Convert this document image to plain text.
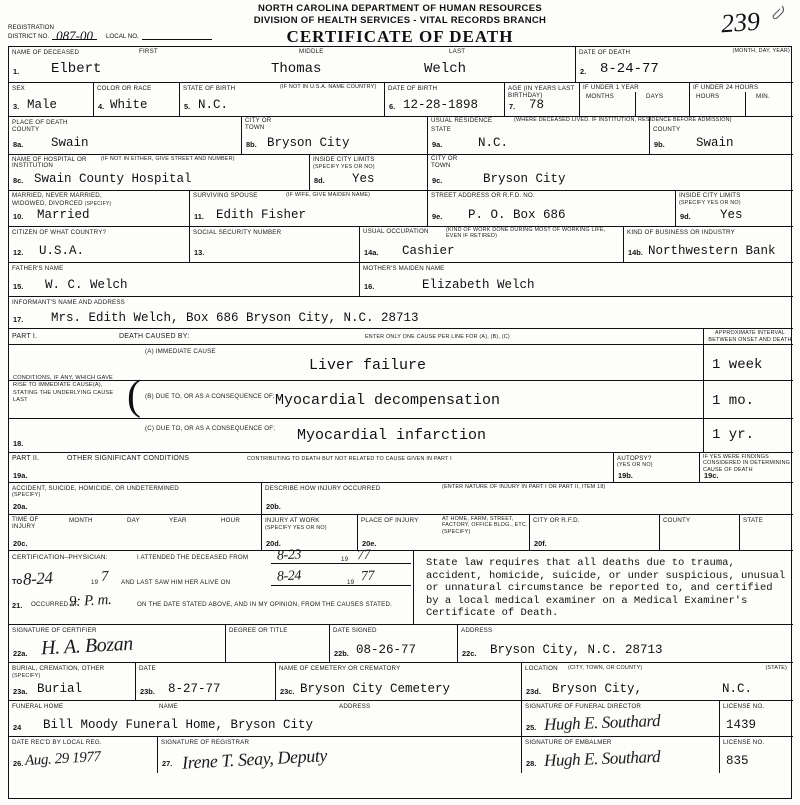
NORTH CAROLINA DEPARTMENT OF HUMAN RESOURCES
DIVISION OF HEALTH SERVICES - VITAL RECORDS BRANCH
CERTIFICATE OF DEATH
REGISTRATION
DISTRICT NO. 087-00	LOCAL NO.	239
NAME OF DECEASED	FIRST	MIDDLE	LAST
1. Elbert	Thomas	Welch
DATE OF DEATH	(MONTH, DAY, YEAR)
2. 8-24-77
SEX
3. Male
COLOR OR RACE
4. White
STATE OF BIRTH	(IF NOT IN U.S.A. NAME COUNTRY)
5. N.C.
DATE OF BIRTH
6. 12-28-1898
AGE (IN YEARS LAST BIRTHDAY)
7. 78
IF UNDER 1 YEAR
MONTHS	DAYS
IF UNDER 24 HOURS
HOURS	MIN.
PLACE OF DEATH
COUNTY
8a. Swain
CITY OR TOWN
8b. Bryson City
USUAL RESIDENCE	(WHERE DECEASED LIVED. IF INSTITUTION, RESIDENCE BEFORE ADMISSION)
STATE
9a.	N.C.
COUNTY
9b.	Swain
NAME OF HOSPITAL OR INSTITUTION
(IF NOT IN EITHER, GIVE STREET AND NUMBER)
8c. Swain County Hospital
INSIDE CITY LIMITS
(SPECIFY YES OR NO)
8d. Yes
CITY OR TOWN
9c.	Bryson City
MARRIED, NEVER MARRIED,
WIDOWED, DIVORCED (SPECIFY)
10. Married
SURVIVING SPOUSE	(IF WIFE, GIVE MAIDEN NAME)
11. Edith Fisher
STREET ADDRESS OR R.F.D. NO.
9e. P. O. Box 686
INSIDE CITY LIMITS
(SPECIFY YES OR NO)
9d. Yes
CITIZEN OF WHAT COUNTRY?
12. U.S.A.
SOCIAL SECURITY NUMBER
13.
USUAL OCCUPATION	(KIND OF WORK DONE DURING MOST OF WORKING LIFE, EVEN IF RETIRED)
14a. Cashier
KIND OF BUSINESS OR INDUSTRY
14b. Northwestern Bank
FATHER'S NAME
15. W. C. Welch
MOTHER'S MAIDEN NAME
16.	Elizabeth Welch
INFORMANT'S NAME AND ADDRESS
17. Mrs. Edith Welch, Box 686 Bryson City, N.C. 28713
PART I.	DEATH CAUSED BY:	ENTER ONLY ONE CAUSE PER LINE FOR (A), (B), (C)
APPROXIMATE INTERVAL BETWEEN ONSET AND DEATH
(A) IMMEDIATE CAUSE
Liver failure	1 week
(B) DUE TO, OR AS A CONSEQUENCE OF; Myocardial decompensation
(
CONDITIONS, IF ANY, WHICH GAVE RISE TO IMMEDIATE CAUSE(A), STATING THE UNDERLYING CAUSE LAST	1 mo.
18.
(C) DUE TO, OR AS A CONSEQUENCE OF; Myocardial infarction	1 yr.
PART II.	OTHER SIGNIFICANT CONDITIONS	CONTRIBUTING TO DEATH BUT NOT RELATED TO CAUSE GIVEN IN PART I
19a.
AUTOPSY?
(YES OR NO)
19b.
IF YES WERE FINDINGS CONSIDERED IN DETERMINING CAUSE OF DEATH
19c.
ACCIDENT, SUICIDE, HOMICIDE, OR UNDETERMINED
(SPECIFY)
20a.
DESCRIBE HOW INJURY OCCURRED	(ENTER NATURE OF INJURY IN PART I OR PART II, ITEM 18)
20b.
TIME OF INJURY
MONTH	DAY	YEAR	HOUR
20c.
INJURY AT WORK
(SPECIFY YES OR NO)
20d.
PLACE OF INJURY	AT HOME, FARM, STREET, FACTORY, OFFICE BLDG., ETC. (SPECIFY)
20e.
CITY OR R.F.D.
20f.
COUNTY	STATE
CERTIFICATION–PHYSICIAN:	I ATTENDED THE DECEASED FROM 8-23	19 77
TO 8-24	19 7 AND LAST SAW HIM HER ALIVE ON	8-24	19 77
21. OCCURRED AT
9: P. m.	ON THE DATE STATED ABOVE, AND IN MY OPINION, FROM THE CAUSES STATED.
State law requires that all deaths due to trauma, accident, homicide, suicide, or under suspicious, unusual or unnatural circumstance be reported to, and certified by a local medical examiner on a Medical Examiner's Certificate of Death.
SIGNATURE OF CERTIFIER
22a. H. A. Bozan
DEGREE OR TITLE	DATE SIGNED
22b. 08-26-77
ADDRESS
22c. Bryson City, N.C. 28713
BURIAL, CREMATION, OTHER
(SPECIFY)
23a. Burial
DATE
23b. 8-27-77
NAME OF CEMETERY OR CREMATORY
23c. Bryson City Cemetery
LOCATION (CITY, TOWN, OR COUNTY)	(STATE)
23d. Bryson City,	N.C.
FUNERAL HOME	NAME	ADDRESS
24 Bill Moody Funeral Home, Bryson City
SIGNATURE OF FUNERAL DIRECTOR
25. Hugh E. Southard
LICENSE NO.
1439
DATE REC'D BY LOCAL REG.
26. Aug. 29 1977
SIGNATURE OF REGISTRAR
27. Irene T. Seay, Deputy
SIGNATURE OF EMBALMER
28. Hugh E. Southard
LICENSE NO.
835
